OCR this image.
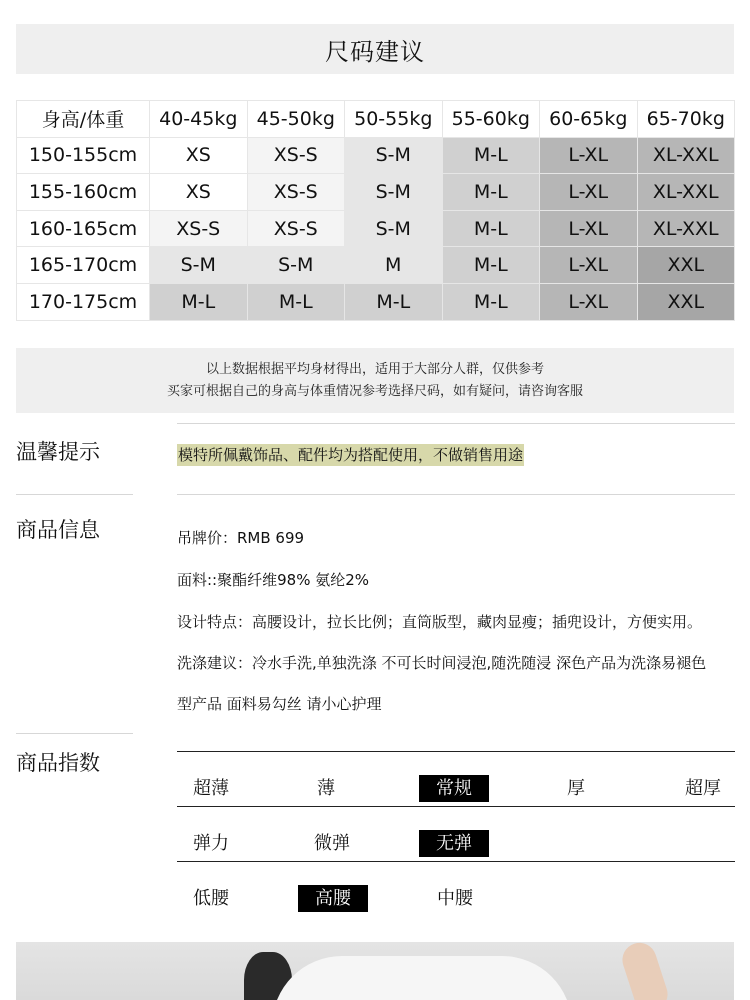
尺码建议
身高/体重	40-45kg	45-50kg	50-55kg	55-60kg	60-65kg	65-70kg
150-155cm	XS	XS-S	S-M	M-L	L-XL	XL-XXL
155-160cm	XS	XS-S	S-M	M-L	L-XL	XL-XXL
160-165cm	XS-S	XS-S	S-M	M-L	L-XL	XL-XXL
165-170cm	S-M	S-M	M	M-L	L-XL	XXL
170-175cm	M-L	M-L	M-L	M-L	L-XL	XXL
以上数据根据平均身材得出，适用于大部分人群，仅供参考
买家可根据自己的身高与体重情况参考选择尺码，如有疑问，请咨询客服
温馨提示	模特所佩戴饰品、配件均为搭配使用，不做销售用途
商品信息	吊牌价：RMB 699
面料::聚酯纤维98% 氨纶2%
设计特点：高腰设计，拉长比例；直筒版型，藏肉显瘦；插兜设计，方便实用。
洗涤建议：冷水手洗,单独洗涤 不可长时间浸泡,随洗随浸 深色产品为洗涤易褪色
型产品 面料易勾丝 请小心护理
商品指数
超薄	薄	常规	厚	超厚
弹力	微弹	无弹
低腰	高腰	中腰
